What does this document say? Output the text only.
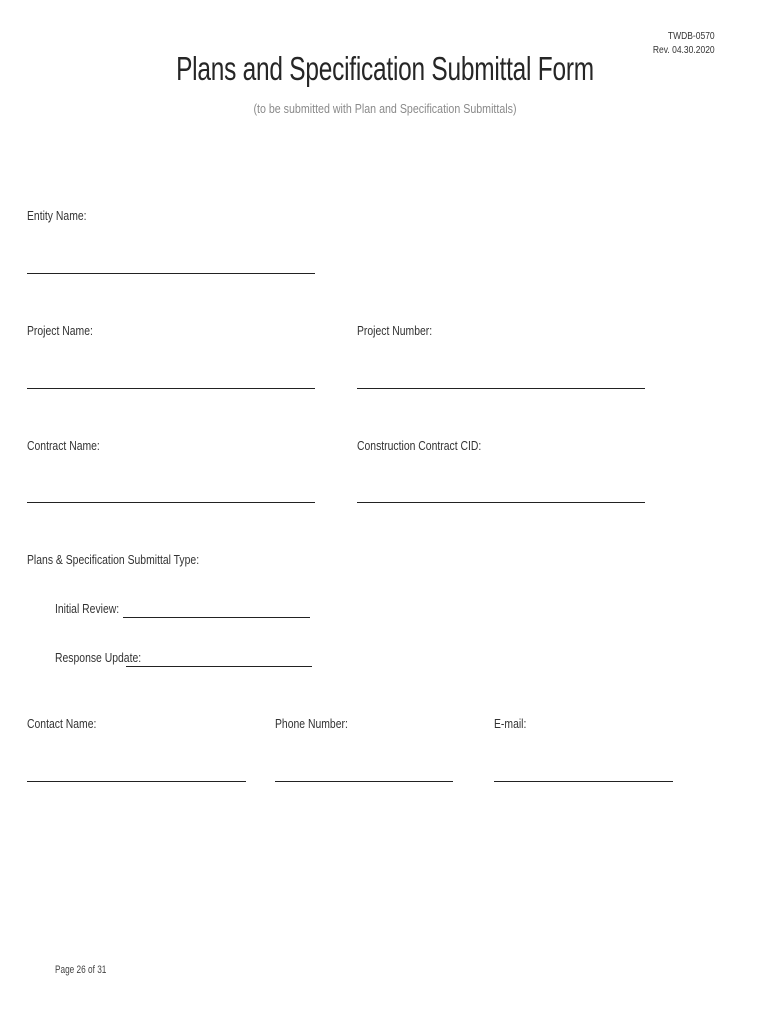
TWDB-0570
Rev. 04.30.2020
Plans and Specification Submittal Form
(to be submitted with Plan and Specification Submittals)
Entity Name:
Project Name:	Project Number:
Contract Name:	Construction Contract CID:
Plans & Specification Submittal Type:
Initial Review:
Response Update:
Contact Name:	Phone Number:	E-mail:
Page 26 of 31
